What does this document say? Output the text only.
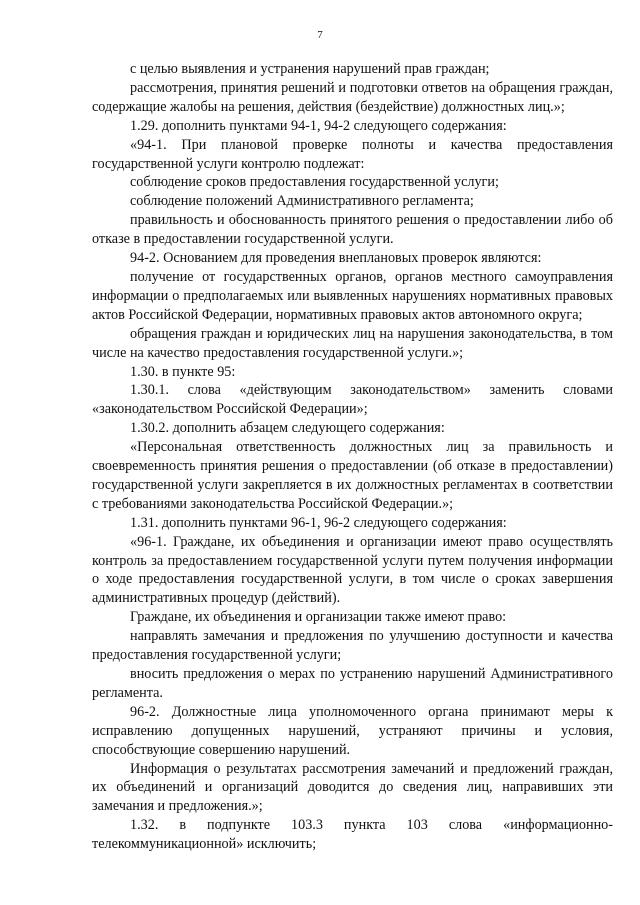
7

с целью выявления и устранения нарушений прав граждан;

рассмотрения, принятия решений и подготовки ответов на обращения граждан, содержащие жалобы на решения, действия (бездействие) должностных лиц.»;

1.29. дополнить пунктами 94-1, 94-2 следующего содержания:

«94-1. При плановой проверке полноты и качества предоставления государственной услуги контролю подлежат:

соблюдение сроков предоставления государственной услуги;

соблюдение положений Административного регламента;

правильность и обоснованность принятого решения о предоставлении либо об отказе в предоставлении государственной услуги.

94-2. Основанием для проведения внеплановых проверок являются:

получение от государственных органов, органов местного самоуправления информации о предполагаемых или выявленных нарушениях нормативных правовых актов Российской Федерации, нормативных правовых актов автономного округа;

обращения граждан и юридических лиц на нарушения законодательства, в том числе на качество предоставления государственной услуги.»;

1.30. в пункте 95:

1.30.1. слова «действующим законодательством» заменить словами «законодательством Российской Федерации»;

1.30.2. дополнить абзацем следующего содержания:

«Персональная ответственность должностных лиц за правильность и своевременность принятия решения о предоставлении (об отказе в предоставлении) государственной услуги закрепляется в их должностных регламентах в соответствии с требованиями законодательства Российской Федерации.»;

1.31. дополнить пунктами 96-1, 96-2 следующего содержания:

«96-1. Граждане, их объединения и организации имеют право осуществлять контроль за предоставлением государственной услуги путем получения информации о ходе предоставления государственной услуги, в том числе о сроках завершения административных процедур (действий).

Граждане, их объединения и организации также имеют право:

направлять замечания и предложения по улучшению доступности и качества предоставления государственной услуги;

вносить предложения о мерах по устранению нарушений Административного регламента.

96-2. Должностные лица уполномоченного органа принимают меры к исправлению допущенных нарушений, устраняют причины и условия, способствующие совершению нарушений.

Информация о результатах рассмотрения замечаний и предложений граждан, их объединений и организаций доводится до сведения лиц, направивших эти замечания и предложения.»;

1.32. в подпункте 103.3 пункта 103 слова «информационно-телекоммуникационной» исключить;
